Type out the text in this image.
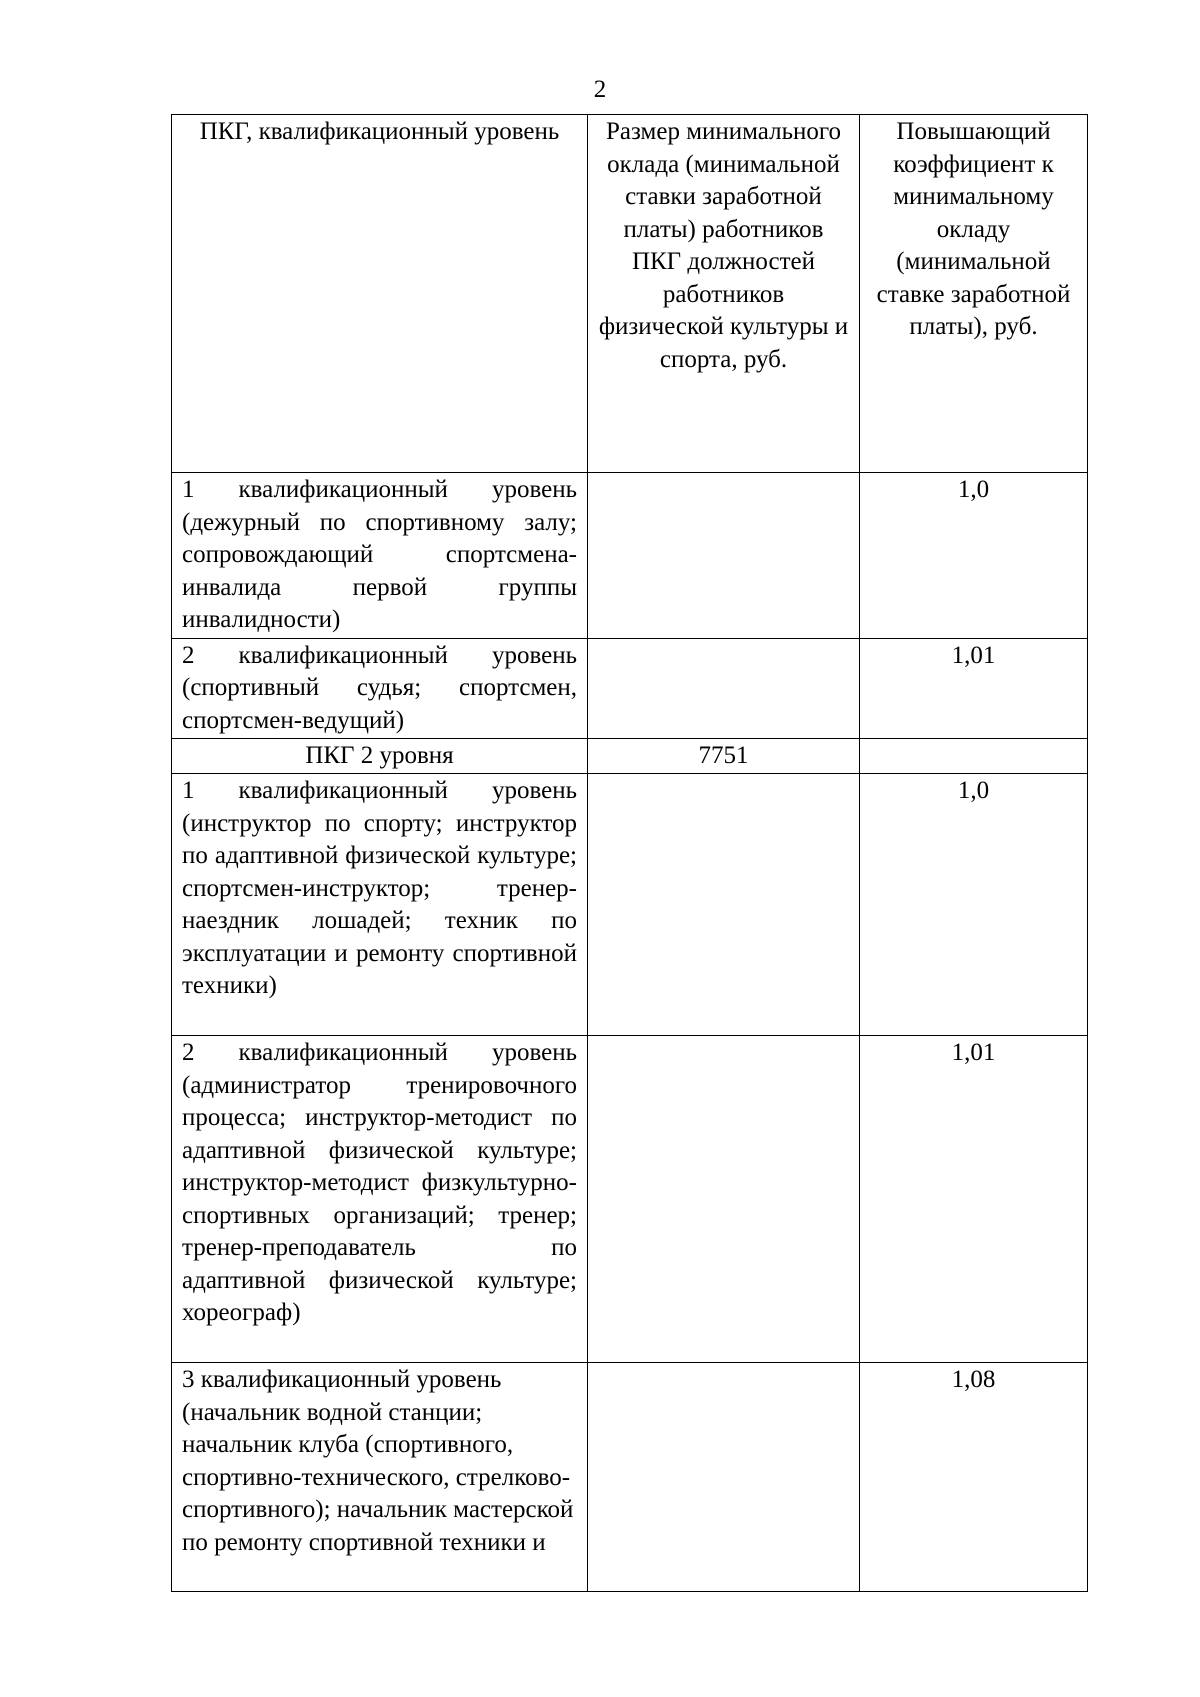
2
ПКГ, квалификационный уровень	Размер минимального оклада (минимальной ставки заработной платы) работников ПКГ должностей работников физической культуры и спорта, руб.	Повышающий коэффициент к минимальному окладу (минимальной ставке заработной платы), руб.
1 квалификационный уровень (дежурный по спортивному залу; сопровождающий спортсмена-инвалида первой группы инвалидности)		1,0
2 квалификационный уровень (спортивный судья; спортсмен, спортсмен-ведущий)		1,01
ПКГ 2 уровня	7751	
1 квалификационный уровень (инструктор по спорту; инструктор по адаптивной физической культуре; спортсмен-инструктор; тренер-наездник лошадей; техник по эксплуатации и ремонту спортивной техники)		1,0
2 квалификационный уровень (администратор тренировочного процесса; инструктор-методист по адаптивной физической культуре; инструктор-методист физкультурно-спортивных организаций; тренер; тренер-преподаватель по адаптивной физической культуре; хореограф)		1,01
3 квалификационный уровень (начальник водной станции; начальник клуба (спортивного, спортивно-технического, стрелково-спортивного); начальник мастерской по ремонту спортивной техники и		1,08
